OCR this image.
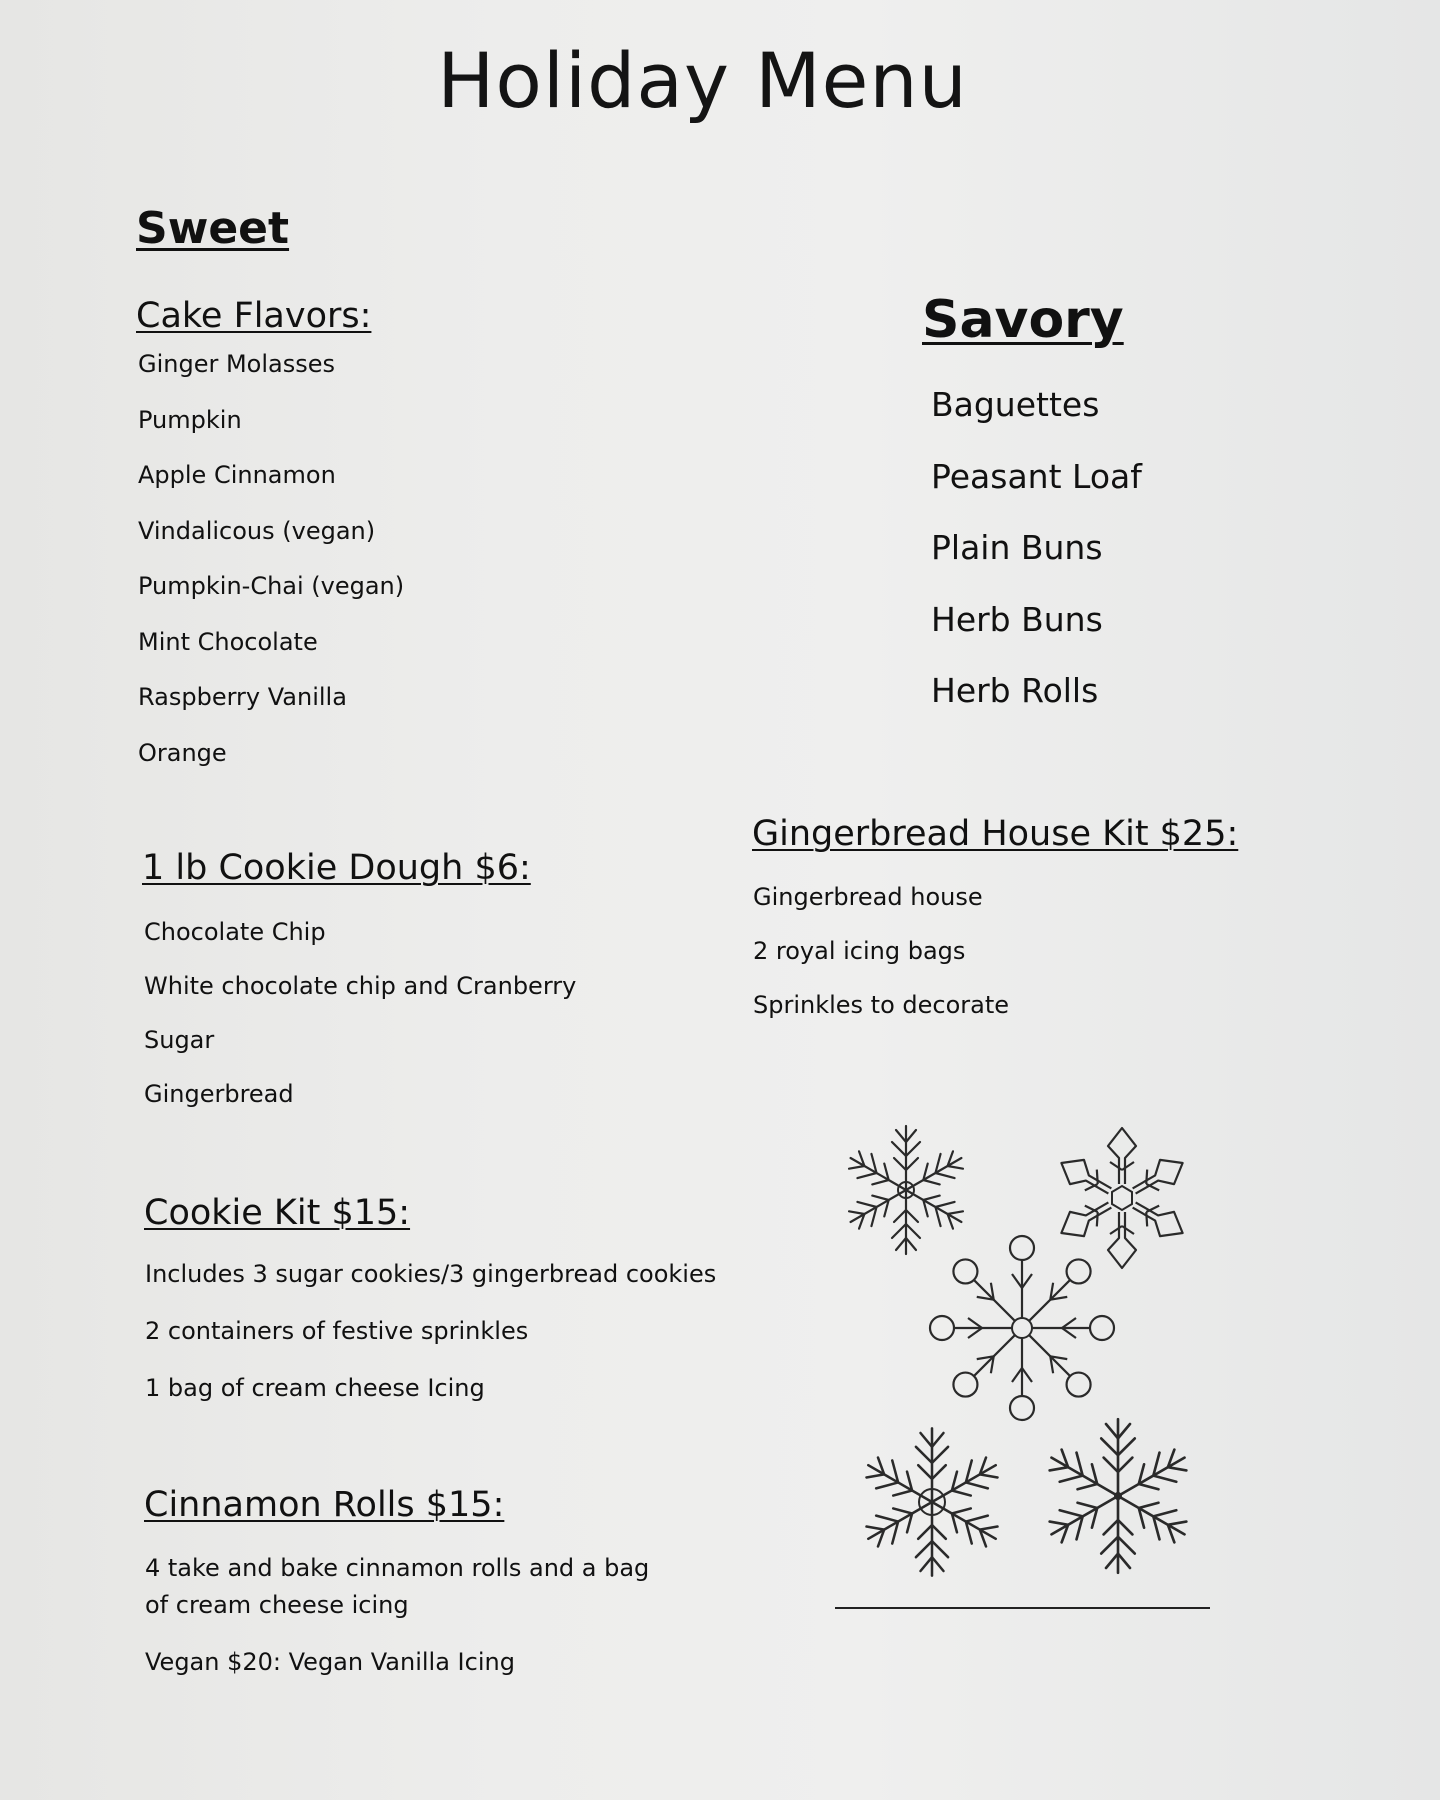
Holiday Menu
Sweet
Cake Flavors:
Ginger Molasses
Pumpkin
Apple Cinnamon
Vindalicous (vegan)
Pumpkin-Chai (vegan)
Mint Chocolate
Raspberry Vanilla
Orange
1 lb Cookie Dough $6:
Chocolate Chip
White chocolate chip and Cranberry
Sugar
Gingerbread
Cookie Kit $15:
Includes 3 sugar cookies/3 gingerbread cookies
2 containers of festive sprinkles
1 bag of cream cheese Icing
Cinnamon Rolls $15:
4 take and bake cinnamon rolls and a bag of cream cheese icing
Vegan $20: Vegan Vanilla Icing
Savory
Baguettes
Peasant Loaf
Plain Buns
Herb Buns
Herb Rolls
Gingerbread House Kit $25:
Gingerbread house
2 royal icing bags
Sprinkles to decorate
